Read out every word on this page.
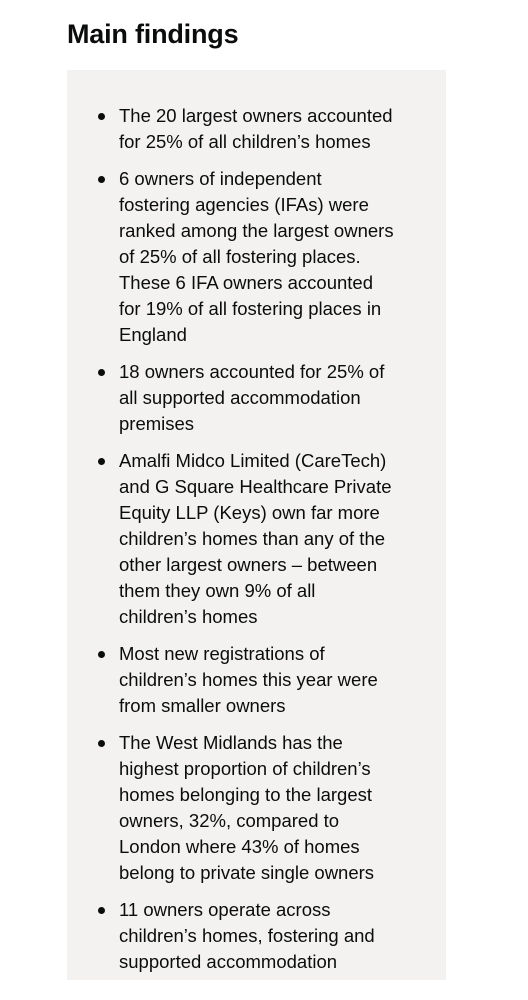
Main findings
The 20 largest owners accounted for 25% of all children’s homes
6 owners of independent fostering agencies (IFAs) were ranked among the largest owners of 25% of all fostering places. These 6 IFA owners accounted for 19% of all fostering places in England
18 owners accounted for 25% of all supported accommodation premises
Amalfi Midco Limited (CareTech) and G Square Healthcare Private Equity LLP (Keys) own far more children’s homes than any of the other largest owners – between them they own 9% of all children’s homes
Most new registrations of children’s homes this year were from smaller owners
The West Midlands has the highest proportion of children’s homes belonging to the largest owners, 32%, compared to London where 43% of homes belong to private single owners
11 owners operate across children’s homes, fostering and supported accommodation
